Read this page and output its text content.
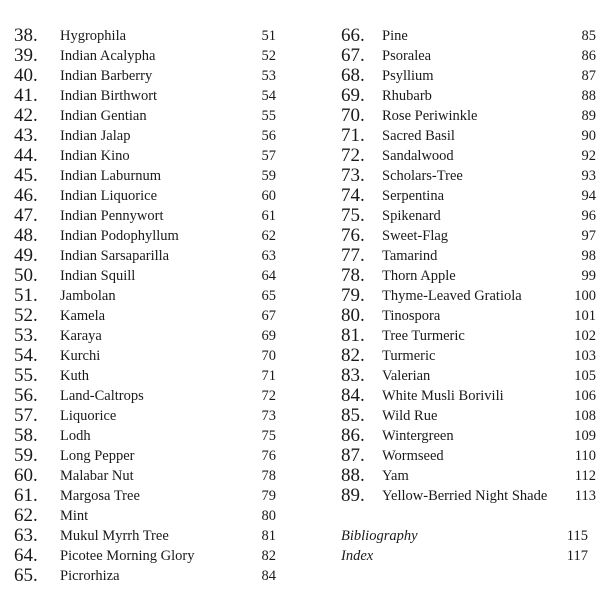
38. Hygrophila	51
39. Indian Acalypha	52
40. Indian Barberry	53
41. Indian Birthwort	54
42. Indian Gentian	55
43. Indian Jalap	56
44. Indian Kino	57
45. Indian Laburnum	59
46. Indian Liquorice	60
47. Indian Pennywort	61
48. Indian Podophyllum	62
49. Indian Sarsaparilla	63
50. Indian Squill	64
51. Jambolan	65
52. Kamela	67
53. Karaya	69
54. Kurchi	70
55. Kuth	71
56. Land-Caltrops	72
57. Liquorice	73
58. Lodh	75
59. Long Pepper	76
60. Malabar Nut	78
61. Margosa Tree	79
62. Mint	80
63. Mukul Myrrh Tree	81
64. Picotee Morning Glory	82
65. Picrorhiza	84
66. Pine	85
67. Psoralea	86
68. Psyllium	87
69. Rhubarb	88
70. Rose Periwinkle	89
71. Sacred Basil	90
72. Sandalwood	92
73. Scholars-Tree	93
74. Serpentina	94
75. Spikenard	96
76. Sweet-Flag	97
77. Tamarind	98
78. Thorn Apple	99
79. Thyme-Leaved Gratiola	100
80. Tinospora	101
81. Tree Turmeric	102
82. Turmeric	103
83. Valerian	105
84. White Musli Borivili	106
85. Wild Rue	108
86. Wintergreen	109
87. Wormseed	110
88. Yam	112
89. Yellow-Berried Night Shade 113
Bibliography	115
Index	117
